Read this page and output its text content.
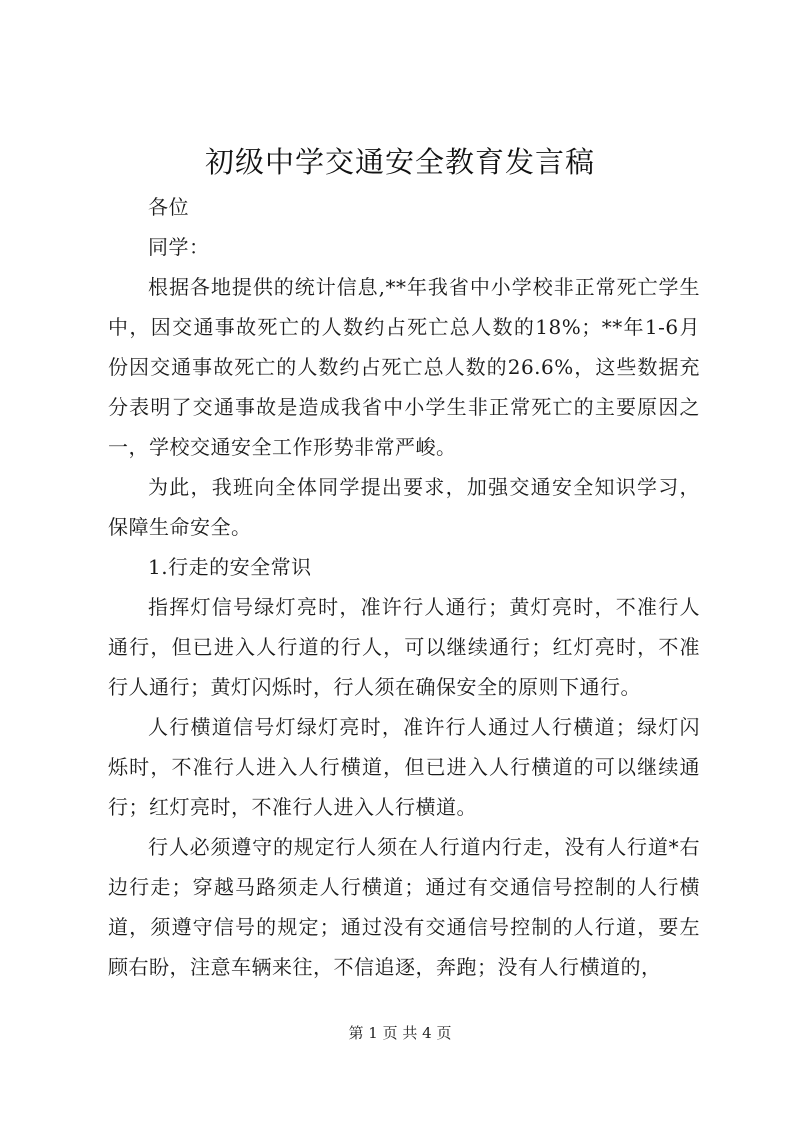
初级中学交通安全教育发言稿

各位

同学：

根据各地提供的统计信息,**年我省中小学校非正常死亡学生中，因交通事故死亡的人数约占死亡总人数的18%；**年1-6月份因交通事故死亡的人数约占死亡总人数的26.6%，这些数据充分表明了交通事故是造成我省中小学生非正常死亡的主要原因之一，学校交通安全工作形势非常严峻。

为此，我班向全体同学提出要求，加强交通安全知识学习，保障生命安全。

1.行走的安全常识

指挥灯信号绿灯亮时，准许行人通行；黄灯亮时，不准行人通行，但已进入人行道的行人，可以继续通行；红灯亮时，不准行人通行；黄灯闪烁时，行人须在确保安全的原则下通行。

人行横道信号灯绿灯亮时，准许行人通过人行横道；绿灯闪烁时，不准行人进入人行横道，但已进入人行横道的可以继续通行；红灯亮时，不准行人进入人行横道。

行人必须遵守的规定行人须在人行道内行走，没有人行道*右边行走；穿越马路须走人行横道；通过有交通信号控制的人行横道，须遵守信号的规定；通过没有交通信号控制的人行道，要左顾右盼，注意车辆来往，不信追逐，奔跑；没有人行横道的，

第 1 页 共 4 页
